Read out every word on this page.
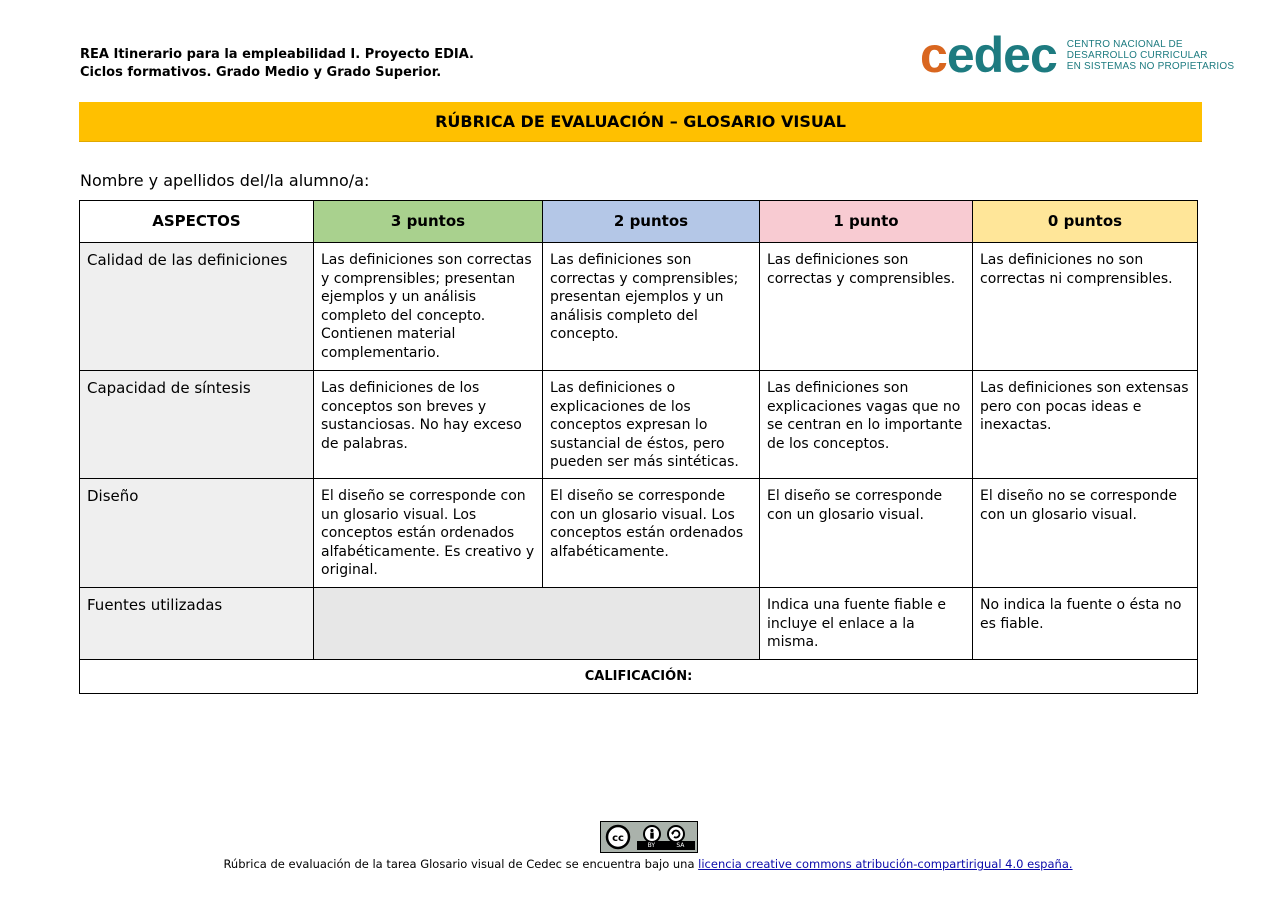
REA Itinerario para la empleabilidad I. Proyecto EDIA.
Ciclos formativos. Grado Medio y Grado Superior.	cedec CENTRO NACIONAL DE
DESARROLLO CURRICULAR
EN SISTEMAS NO PROPIETARIOS
RÚBRICA DE EVALUACIÓN – GLOSARIO VISUAL
Nombre y apellidos del/la alumno/a:
ASPECTOS	3 puntos	2 puntos	1 punto	0 puntos
Calidad de las definiciones	Las definiciones son correctas y comprensibles; presentan ejemplos y un análisis completo del concepto. Contienen material complementario.	Las definiciones son correctas y comprensibles; presentan ejemplos y un análisis completo del concepto.	Las definiciones son correctas y comprensibles.	Las definiciones no son correctas ni comprensibles.
Capacidad de síntesis	Las definiciones de los conceptos son breves y sustanciosas. No hay exceso de palabras.	Las definiciones o explicaciones de los conceptos expresan lo sustancial de éstos, pero pueden ser más sintéticas.	Las definiciones son explicaciones vagas que no se centran en lo importante de los conceptos.	Las definiciones son extensas pero con pocas ideas e inexactas.
Diseño	El diseño se corresponde con un glosario visual. Los conceptos están ordenados alfabéticamente. Es creativo y original.	El diseño se corresponde con un glosario visual. Los conceptos están ordenados alfabéticamente.	El diseño se corresponde con un glosario visual.	El diseño no se corresponde con un glosario visual.
Fuentes utilizadas			Indica una fuente fiable e incluye el enlace a la misma.	No indica la fuente o ésta no es fiable.
CALIFICACIÓN:				
cc
BY	SA
Rúbrica de evaluación de la tarea Glosario visual de Cedec se encuentra bajo una licencia creative commons atribución-compartirigual 4.0 españa.
